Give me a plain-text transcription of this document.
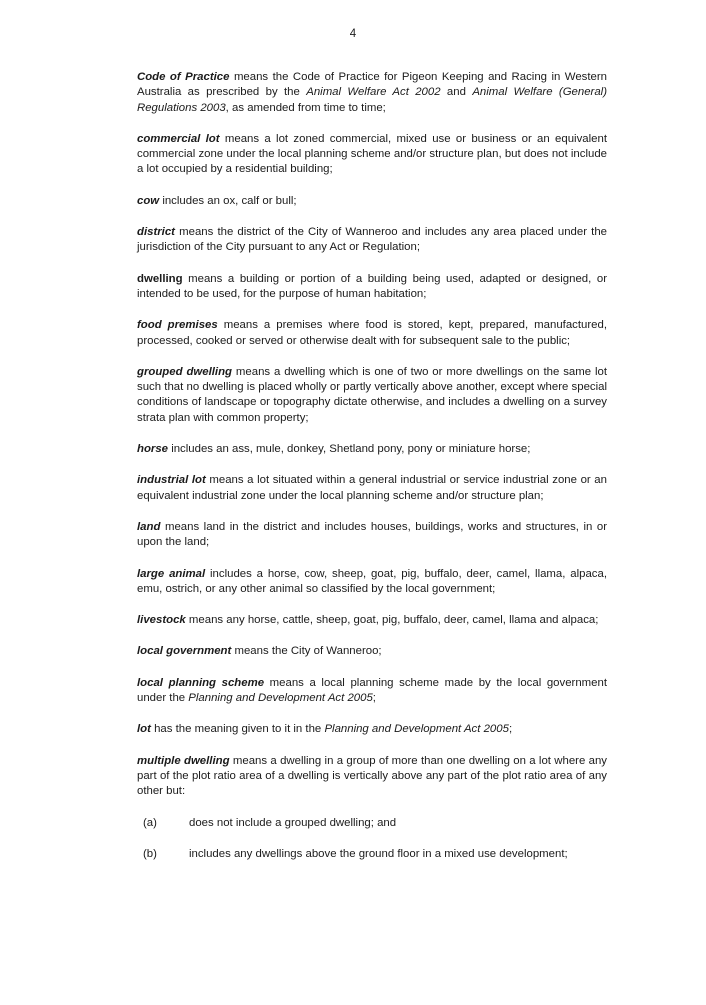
4

Code of Practice means the Code of Practice for Pigeon Keeping and Racing in Western Australia as prescribed by the Animal Welfare Act 2002 and Animal Welfare (General) Regulations 2003, as amended from time to time;

commercial lot means a lot zoned commercial, mixed use or business or an equivalent commercial zone under the local planning scheme and/or structure plan, but does not include a lot occupied by a residential building;

cow includes an ox, calf or bull;

district means the district of the City of Wanneroo and includes any area placed under the jurisdiction of the City pursuant to any Act or Regulation;

dwelling means a building or portion of a building being used, adapted or designed, or intended to be used, for the purpose of human habitation;

food premises means a premises where food is stored, kept, prepared, manufactured, processed, cooked or served or otherwise dealt with for subsequent sale to the public;

grouped dwelling means a dwelling which is one of two or more dwellings on the same lot such that no dwelling is placed wholly or partly vertically above another, except where special conditions of landscape or topography dictate otherwise, and includes a dwelling on a survey strata plan with common property;

horse includes an ass, mule, donkey, Shetland pony, pony or miniature horse;

industrial lot means a lot situated within a general industrial or service industrial zone or an equivalent industrial zone under the local planning scheme and/or structure plan;

land means land in the district and includes houses, buildings, works and structures, in or upon the land;

large animal includes a horse, cow, sheep, goat, pig, buffalo, deer, camel, llama, alpaca, emu, ostrich, or any other animal so classified by the local government;

livestock means any horse, cattle, sheep, goat, pig, buffalo, deer, camel, llama and alpaca;

local government means the City of Wanneroo;

local planning scheme means a local planning scheme made by the local government under the Planning and Development Act 2005;

lot has the meaning given to it in the Planning and Development Act 2005;

multiple dwelling means a dwelling in a group of more than one dwelling on a lot where any part of the plot ratio area of a dwelling is vertically above any part of the plot ratio area of any other but:

(a)	does not include a grouped dwelling; and
(b)	includes any dwellings above the ground floor in a mixed use development;
